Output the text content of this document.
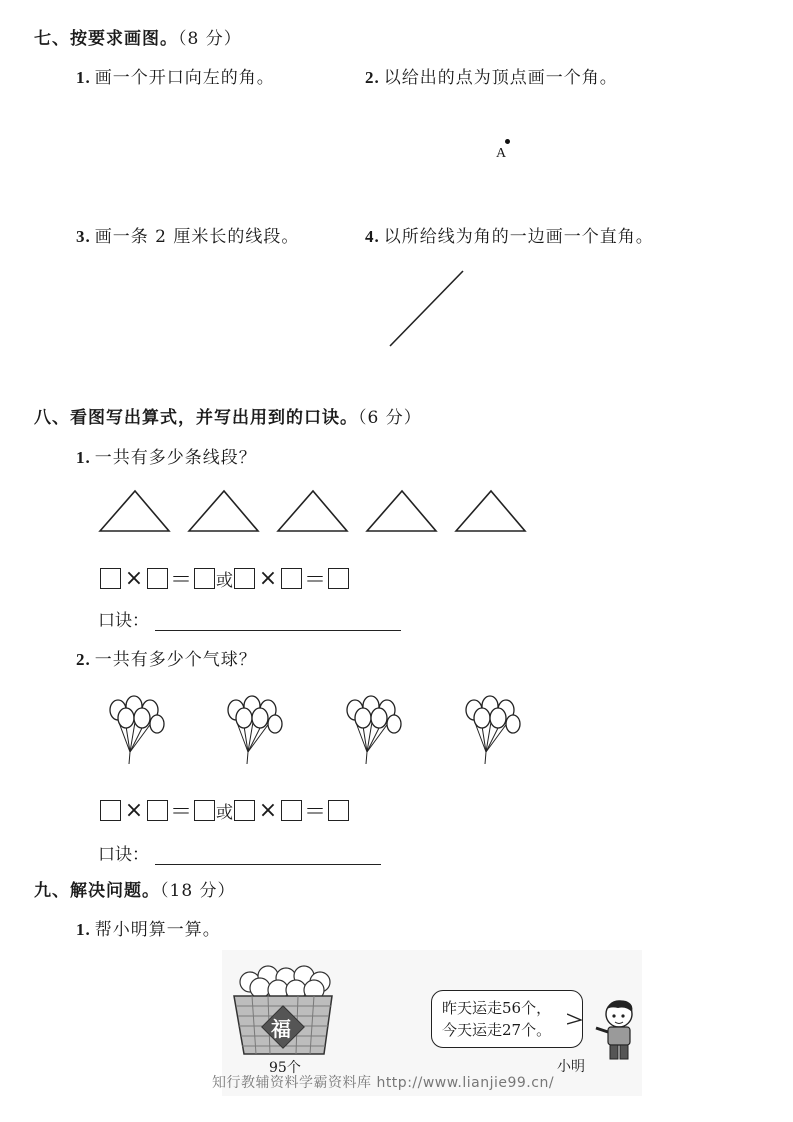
七、按要求画图。（8 分）
1. 画一个开口向左的角。	2. 以给出的点为顶点画一个角。
A
3. 画一条 2 厘米长的线段。	4. 以所给线为角的一边画一个直角。
八、看图写出算式，并写出用到的口诀。（6 分）
1. 一共有多少条线段？
× ＝ 或 × ＝
口诀：
2. 一共有多少个气球？
× ＝ 或 × ＝
口诀：
九、解决问题。（18 分）
1. 帮小明算一算。
福
95个
昨天运走56个，
今天运走27个。
小明
知行教辅资料学霸资料库 http://www.lianjie99.cn/
